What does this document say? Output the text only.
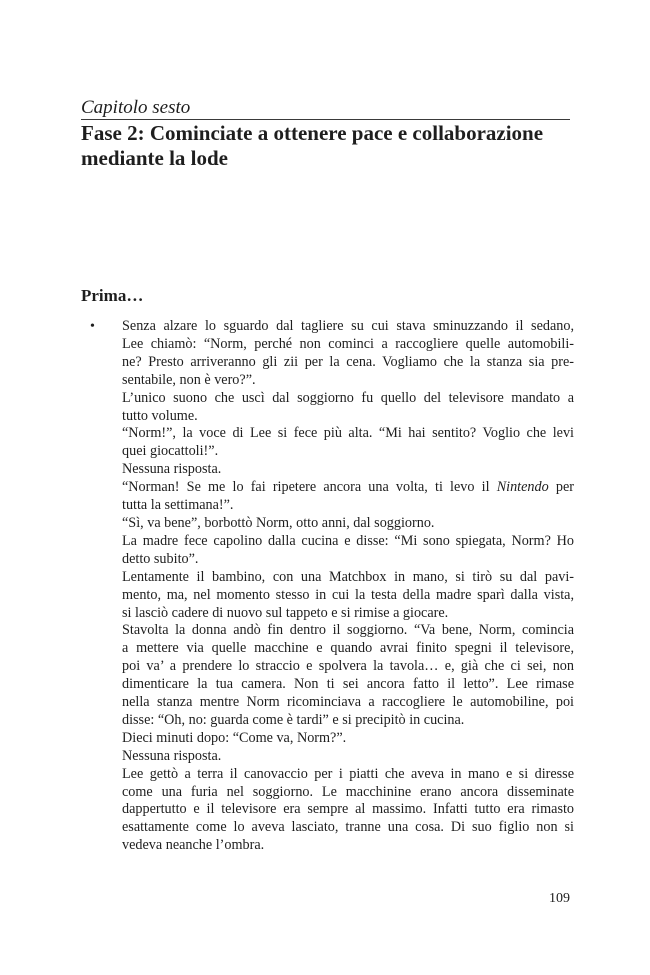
Capitolo sesto
Fase 2: Cominciate a ottenere pace e collaborazione
mediante la lode
Prima…
• Senza alzare lo sguardo dal tagliere su cui stava sminuzzando il sedano,
Lee chiamò: “Norm, perché non cominci a raccogliere quelle automobili-
ne? Presto arriveranno gli zii per la cena. Vogliamo che la stanza sia pre-
sentabile, non è vero?”.
L’unico suono che uscì dal soggiorno fu quello del televisore mandato a
tutto volume.
“Norm!”, la voce di Lee si fece più alta. “Mi hai sentito? Voglio che levi
quei giocattoli!”.
Nessuna risposta.
“Norman! Se me lo fai ripetere ancora una volta, ti levo il Nintendo per
tutta la settimana!”.
“Sì, va bene”, borbottò Norm, otto anni, dal soggiorno.
La madre fece capolino dalla cucina e disse: “Mi sono spiegata, Norm? Ho
detto subito”.
Lentamente il bambino, con una Matchbox in mano, si tirò su dal pavi-
mento, ma, nel momento stesso in cui la testa della madre sparì dalla vista,
si lasciò cadere di nuovo sul tappeto e si rimise a giocare.
Stavolta la donna andò fin dentro il soggiorno. “Va bene, Norm, comincia
a mettere via quelle macchine e quando avrai finito spegni il televisore,
poi va’ a prendere lo straccio e spolvera la tavola… e, già che ci sei, non
dimenticare la tua camera. Non ti sei ancora fatto il letto”. Lee rimase
nella stanza mentre Norm ricominciava a raccogliere le automobiline, poi
disse: “Oh, no: guarda come è tardi” e si precipitò in cucina.
Dieci minuti dopo: “Come va, Norm?”.
Nessuna risposta.
Lee gettò a terra il canovaccio per i piatti che aveva in mano e si diresse
come una furia nel soggiorno. Le macchinine erano ancora disseminate
dappertutto e il televisore era sempre al massimo. Infatti tutto era rimasto
esattamente come lo aveva lasciato, tranne una cosa. Di suo figlio non si
vedeva neanche l’ombra.
109
